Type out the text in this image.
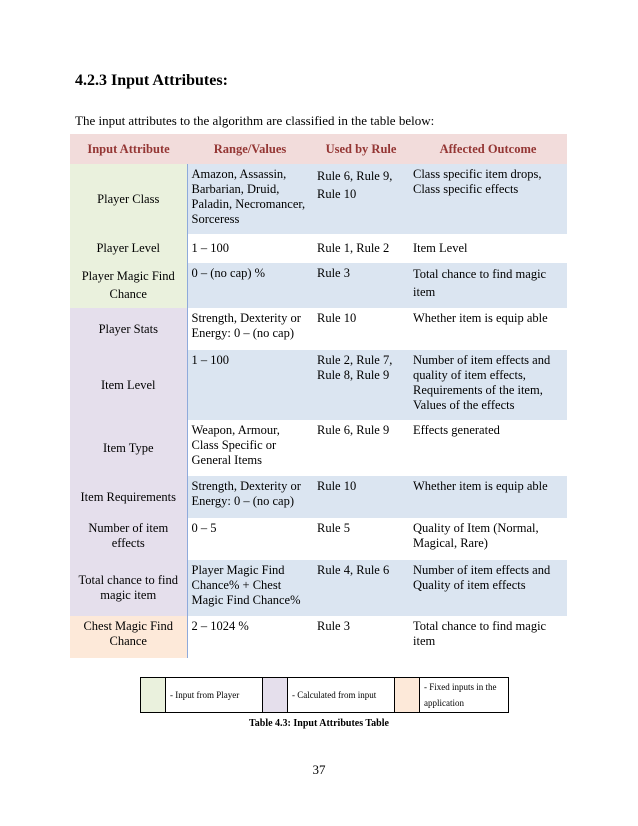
4.2.3 Input Attributes:
The input attributes to the algorithm are classified in the table below:
Input Attribute	Range/Values	Used by Rule	Affected Outcome
Player Class	Amazon, Assassin, Barbarian, Druid, Paladin, Necromancer, Sorceress	Rule 6, Rule 9, Rule 10	Class specific item drops, Class specific effects
Player Level	1 – 100	Rule 1, Rule 2	Item Level
Player Magic Find Chance	0 – (no cap) %	Rule 3	Total chance to find magic item
Player Stats	Strength, Dexterity or Energy: 0 – (no cap)	Rule 10	Whether item is equip able
Item Level	1 – 100	Rule 2, Rule 7, Rule 8, Rule 9	Number of item effects and quality of item effects, Requirements of the item, Values of the effects
Item Type	Weapon, Armour, Class Specific or General Items	Rule 6, Rule 9	Effects generated
Item Requirements	Strength, Dexterity or Energy: 0 – (no cap)	Rule 10	Whether item is equip able
Number of item effects	0 – 5	Rule 5	Quality of Item (Normal, Magical, Rare)
Total chance to find magic item	Player Magic Find Chance% + Chest Magic Find Chance%	Rule 4, Rule 6	Number of item effects and Quality of item effects
Chest Magic Find Chance	2 – 1024 %	Rule 3	Total chance to find magic item
	- Input from Player		- Calculated from input		- Fixed inputs in the application
Table 4.3: Input Attributes Table
37
